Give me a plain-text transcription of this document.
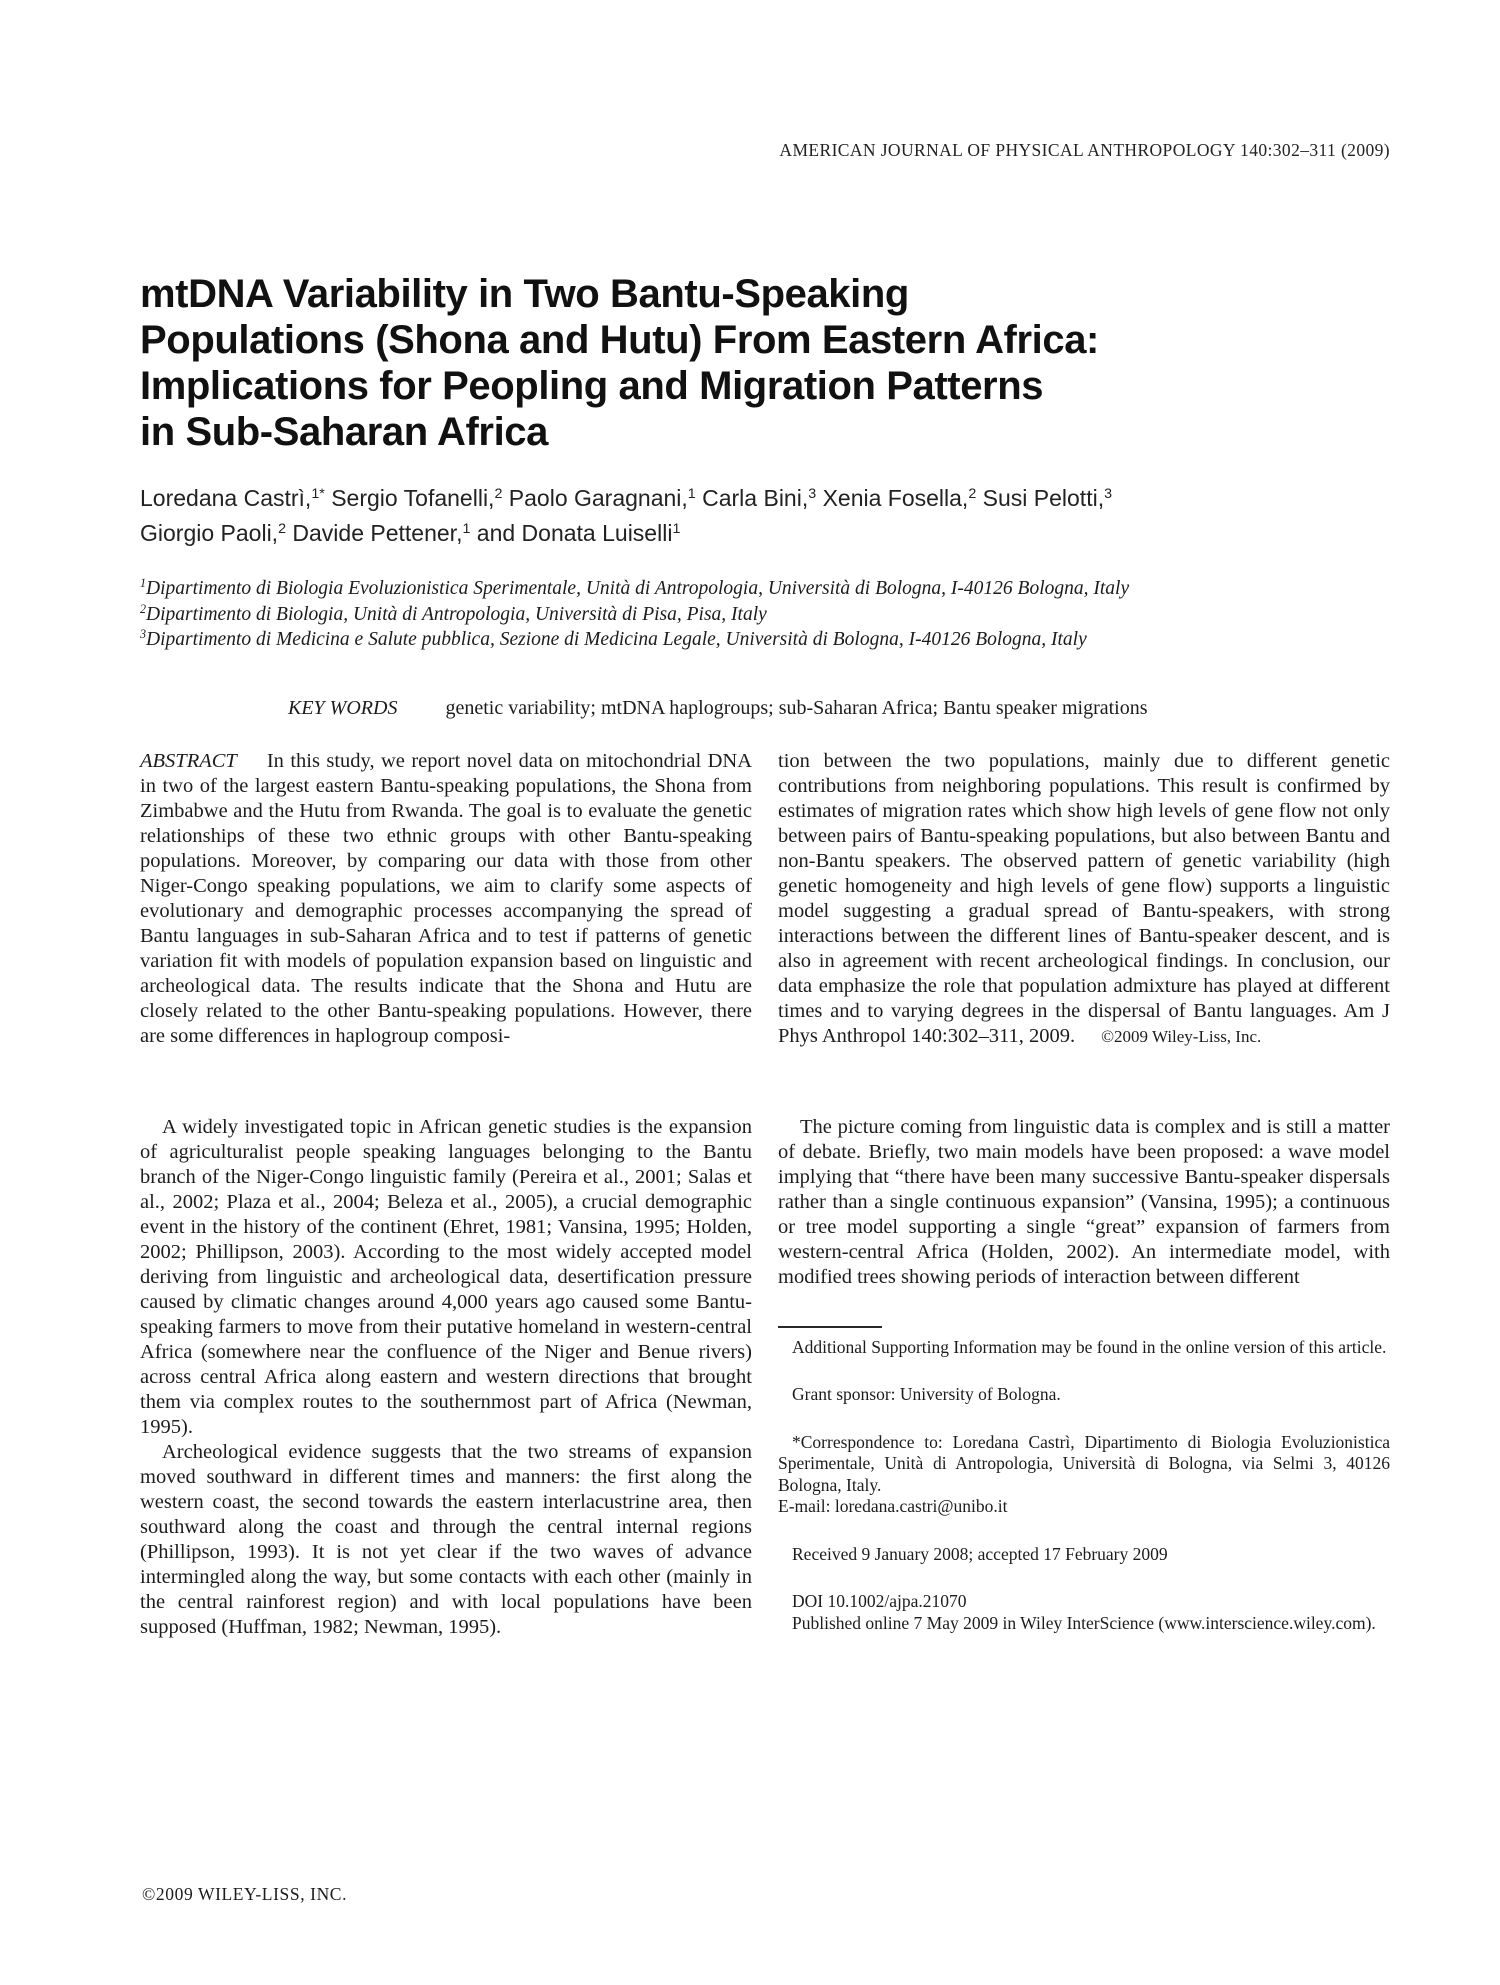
AMERICAN JOURNAL OF PHYSICAL ANTHROPOLOGY 140:302–311 (2009)
mtDNA Variability in Two Bantu-Speaking
Populations (Shona and Hutu) From Eastern Africa:
Implications for Peopling and Migration Patterns
in Sub-Saharan Africa
Loredana Castrì,$^{1*}$ Sergio Tofanelli,$^2$ Paolo Garagnani,$^1$ Carla Bini,$^3$ Xenia Fosella,$^2$ Susi Pelotti,$^3$
Giorgio Paoli,$^2$ Davide Pettener,$^1$ and Donata Luiselli$^1$
$^1$Dipartimento di Biologia Evoluzionistica Sperimentale, Unità di Antropologia, Università di Bologna, I-40126 Bologna, Italy
$^2$Dipartimento di Biologia, Unità di Antropologia, Università di Pisa, Pisa, Italy
$^3$Dipartimento di Medicina e Salute pubblica, Sezione di Medicina Legale, Università di Bologna, I-40126 Bologna, Italy
KEY WORDS genetic variability; mtDNA haplogroups; sub-Saharan Africa; Bantu speaker migrations

ABSTRACT In this study, we report novel data on mitochondrial DNA in two of the largest eastern Bantu-speaking populations, the Shona from Zimbabwe and the Hutu from Rwanda. The goal is to evaluate the genetic relationships of these two ethnic groups with other Bantu-speaking populations. Moreover, by comparing our data with those from other Niger-Congo speaking populations, we aim to clarify some aspects of evolutionary and demographic processes accompanying the spread of Bantu languages in sub-Saharan Africa and to test if patterns of genetic variation fit with models of population expansion based on linguistic and archeological data. The results indicate that the Shona and Hutu are closely related to the other Bantu-speaking populations. However, there are some differences in haplogroup composi-

tion between the two populations, mainly due to different genetic contributions from neighboring populations. This result is confirmed by estimates of migration rates which show high levels of gene flow not only between pairs of Bantu-speaking populations, but also between Bantu and non-Bantu speakers. The observed pattern of genetic variability (high genetic homogeneity and high levels of gene flow) supports a linguistic model suggesting a gradual spread of Bantu-speakers, with strong interactions between the different lines of Bantu-speaker descent, and is also in agreement with recent archeological findings. In conclusion, our data emphasize the role that population admixture has played at different times and to varying degrees in the dispersal of Bantu languages. Am J Phys Anthropol 140:302–311, 2009. ©2009 Wiley-Liss, Inc.

A widely investigated topic in African genetic studies is the expansion of agriculturalist people speaking languages belonging to the Bantu branch of the Niger-Congo linguistic family (Pereira et al., 2001; Salas et al., 2002; Plaza et al., 2004; Beleza et al., 2005), a crucial demographic event in the history of the continent (Ehret, 1981; Vansina, 1995; Holden, 2002; Phillipson, 2003). According to the most widely accepted model deriving from linguistic and archeological data, desertification pressure caused by climatic changes around 4,000 years ago caused some Bantu-speaking farmers to move from their putative homeland in western-central Africa (somewhere near the confluence of the Niger and Benue rivers) across central Africa along eastern and western directions that brought them via complex routes to the southernmost part of Africa (Newman, 1995).

Archeological evidence suggests that the two streams of expansion moved southward in different times and manners: the first along the western coast, the second towards the eastern interlacustrine area, then southward along the coast and through the central internal regions (Phillipson, 1993). It is not yet clear if the two waves of advance intermingled along the way, but some contacts with each other (mainly in the central rainforest region) and with local populations have been supposed (Huffman, 1982; Newman, 1995).

The picture coming from linguistic data is complex and is still a matter of debate. Briefly, two main models have been proposed: a wave model implying that “there have been many successive Bantu-speaker dispersals rather than a single continuous expansion” (Vansina, 1995); a continuous or tree model supporting a single “great” expansion of farmers from western-central Africa (Holden, 2002). An intermediate model, with modified trees showing periods of interaction between different

Additional Supporting Information may be found in the online version of this article.

Grant sponsor: University of Bologna.

*Correspondence to: Loredana Castrì, Dipartimento di Biologia Evoluzionistica Sperimentale, Unità di Antropologia, Università di Bologna, via Selmi 3, 40126 Bologna, Italy.

E-mail: loredana.castri@unibo.it

Received 9 January 2008; accepted 17 February 2009

DOI 10.1002/ajpa.21070

Published online 7 May 2009 in Wiley InterScience (www.interscience.wiley.com).

©2009 WILEY-LISS, INC.
